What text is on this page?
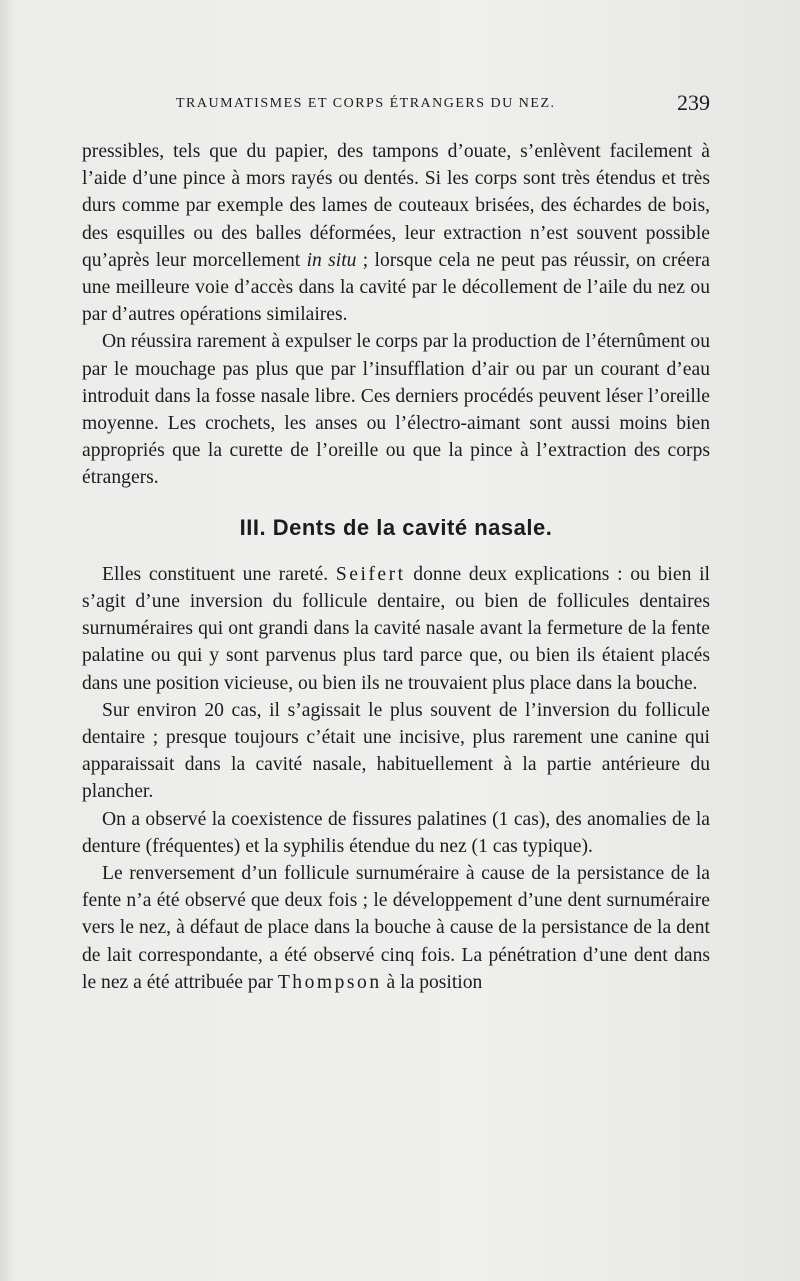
TRAUMATISMES ET CORPS ÉTRANGERS DU NEZ.	239

pressibles, tels que du papier, des tampons d’ouate, s’enlèvent facilement à l’aide d’une pince à mors rayés ou dentés. Si les corps sont très étendus et très durs comme par exemple des lames de couteaux brisées, des échardes de bois, des esquilles ou des balles déformées, leur extraction n’est souvent possible qu’après leur morcellement in situ ; lorsque cela ne peut pas réussir, on créera une meilleure voie d’accès dans la cavité par le décollement de l’aile du nez ou par d’autres opérations similaires.

On réussira rarement à expulser le corps par la production de l’éternûment ou par le mouchage pas plus que par l’insufflation d’air ou par un courant d’eau introduit dans la fosse nasale libre. Ces derniers procédés peuvent léser l’oreille moyenne. Les crochets, les anses ou l’électro-aimant sont aussi moins bien appropriés que la curette de l’oreille ou que la pince à l’extraction des corps étrangers.

III. Dents de la cavité nasale.

Elles constituent une rareté. Seifert donne deux explications : ou bien il s’agit d’une inversion du follicule dentaire, ou bien de follicules dentaires surnuméraires qui ont grandi dans la cavité nasale avant la fermeture de la fente palatine ou qui y sont parvenus plus tard parce que, ou bien ils étaient placés dans une position vicieuse, ou bien ils ne trouvaient plus place dans la bouche.

Sur environ 20 cas, il s’agissait le plus souvent de l’inversion du follicule dentaire ; presque toujours c’était une incisive, plus rarement une canine qui apparaissait dans la cavité nasale, habituellement à la partie antérieure du plancher.

On a observé la coexistence de fissures palatines (1 cas), des anomalies de la denture (fréquentes) et la syphilis étendue du nez (1 cas typique).

Le renversement d’un follicule surnuméraire à cause de la persistance de la fente n’a été observé que deux fois ; le développement d’une dent surnuméraire vers le nez, à défaut de place dans la bouche à cause de la persistance de la dent de lait correspondante, a été observé cinq fois. La pénétration d’une dent dans le nez a été attribuée par Thompson à la position
